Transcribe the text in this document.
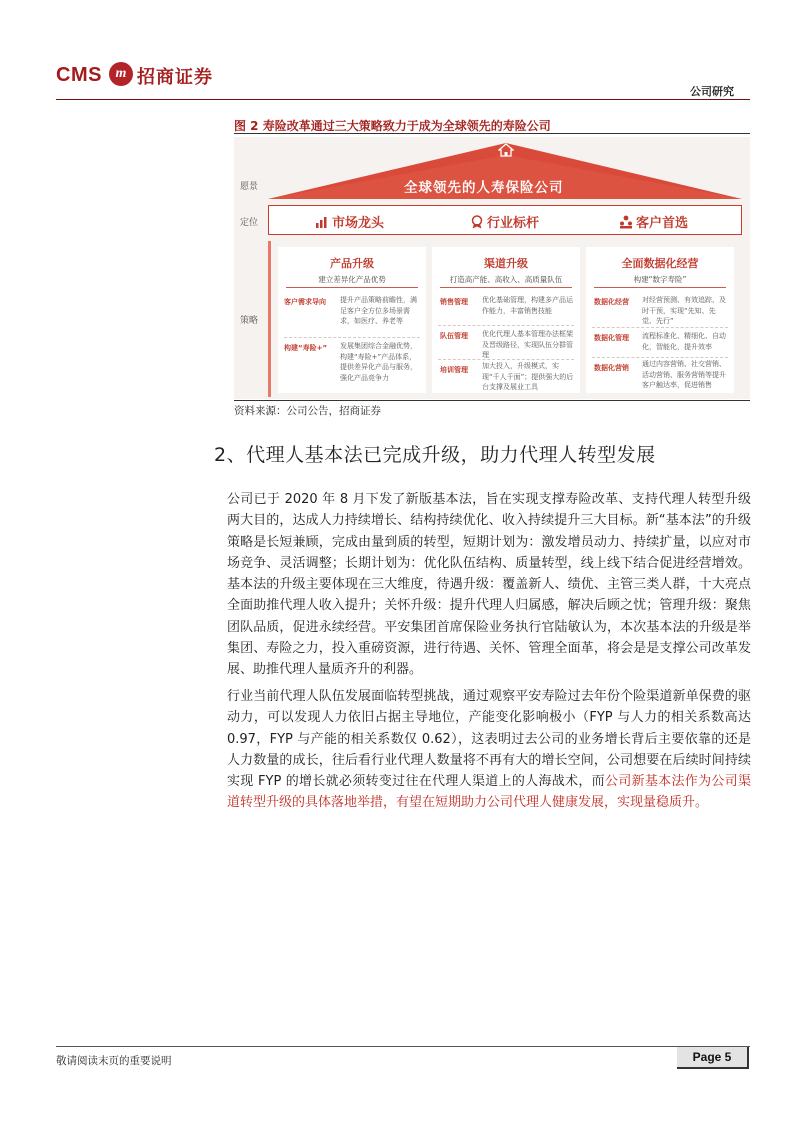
CMS m 招商证券
公司研究
图 2 寿险改革通过三大策略致力于成为全球领先的寿险公司
全球领先的人寿保险公司
愿景
定位
策略
市场龙头	行业标杆	客户首选
产品升级
建立差异化产品优势
客户需求导向 提升产品策略前瞻性，满足客户全方位多场景需求，如医疗、养老等
构建“寿险+” 发展集团综合金融优势，构建“寿险+”产品体系，提供差异化产品与服务，强化产品竞争力
渠道升级
打造高产能、高收入、高质量队伍
销售管理 优化基础管理，构建多产品运作能力，丰富销售技能
队伍管理 优化代理人基本管理办法框架及晋级路径，实现队伍分群管理
培训管理 加大投入，升级模式，实现“千人千面”；提供强大的后台支撑及展业工具
全面数据化经营
构建“数字寿险”
数据化经营 对经营预测、有效追踪、及时干预，实现“先知、先觉、先行”
数据化管理 流程标准化、精细化、自动化，智能化，提升效率
数据化营销 通过内容营销、社交营销、活动营销、服务营销等提升客户触达率，促进销售
资料来源：公司公告，招商证券
2、代理人基本法已完成升级，助力代理人转型发展
公司已于 2020 年 8 月下发了新版基本法，旨在实现支撑寿险改革、支持代理人转型升级两大目的，达成人力持续增长、结构持续优化、收入持续提升三大目标。新“基本法”的升级策略是长短兼顾，完成由量到质的转型，短期计划为：激发增员动力、持续扩量，以应对市场竞争、灵活调整；长期计划为：优化队伍结构、质量转型，线上线下结合促进经营增效。基本法的升级主要体现在三大维度，待遇升级：覆盖新人、绩优、主管三类人群，十大亮点全面助推代理人收入提升；关怀升级：提升代理人归属感，解决后顾之忧；管理升级：聚焦团队品质，促进永续经营。平安集团首席保险业务执行官陆敏认为，本次基本法的升级是举集团、寿险之力，投入重磅资源，进行待遇、关怀、管理全面革，将会是是支撑公司改革发展、助推代理人量质齐升的利器。
行业当前代理人队伍发展面临转型挑战，通过观察平安寿险过去年份个险渠道新单保费的驱动力，可以发现人力依旧占据主导地位，产能变化影响极小（FYP 与人力的相关系数高达 0.97，FYP 与产能的相关系数仅 0.62），这表明过去公司的业务增长背后主要依靠的还是人力数量的成长，往后看行业代理人数量将不再有大的增长空间，公司想要在后续时间持续实现 FYP 的增长就必须转变过往在代理人渠道上的人海战术，而公司新基本法作为公司渠道转型升级的具体落地举措，有望在短期助力公司代理人健康发展，实现量稳质升。
敬请阅读末页的重要说明	Page 5
